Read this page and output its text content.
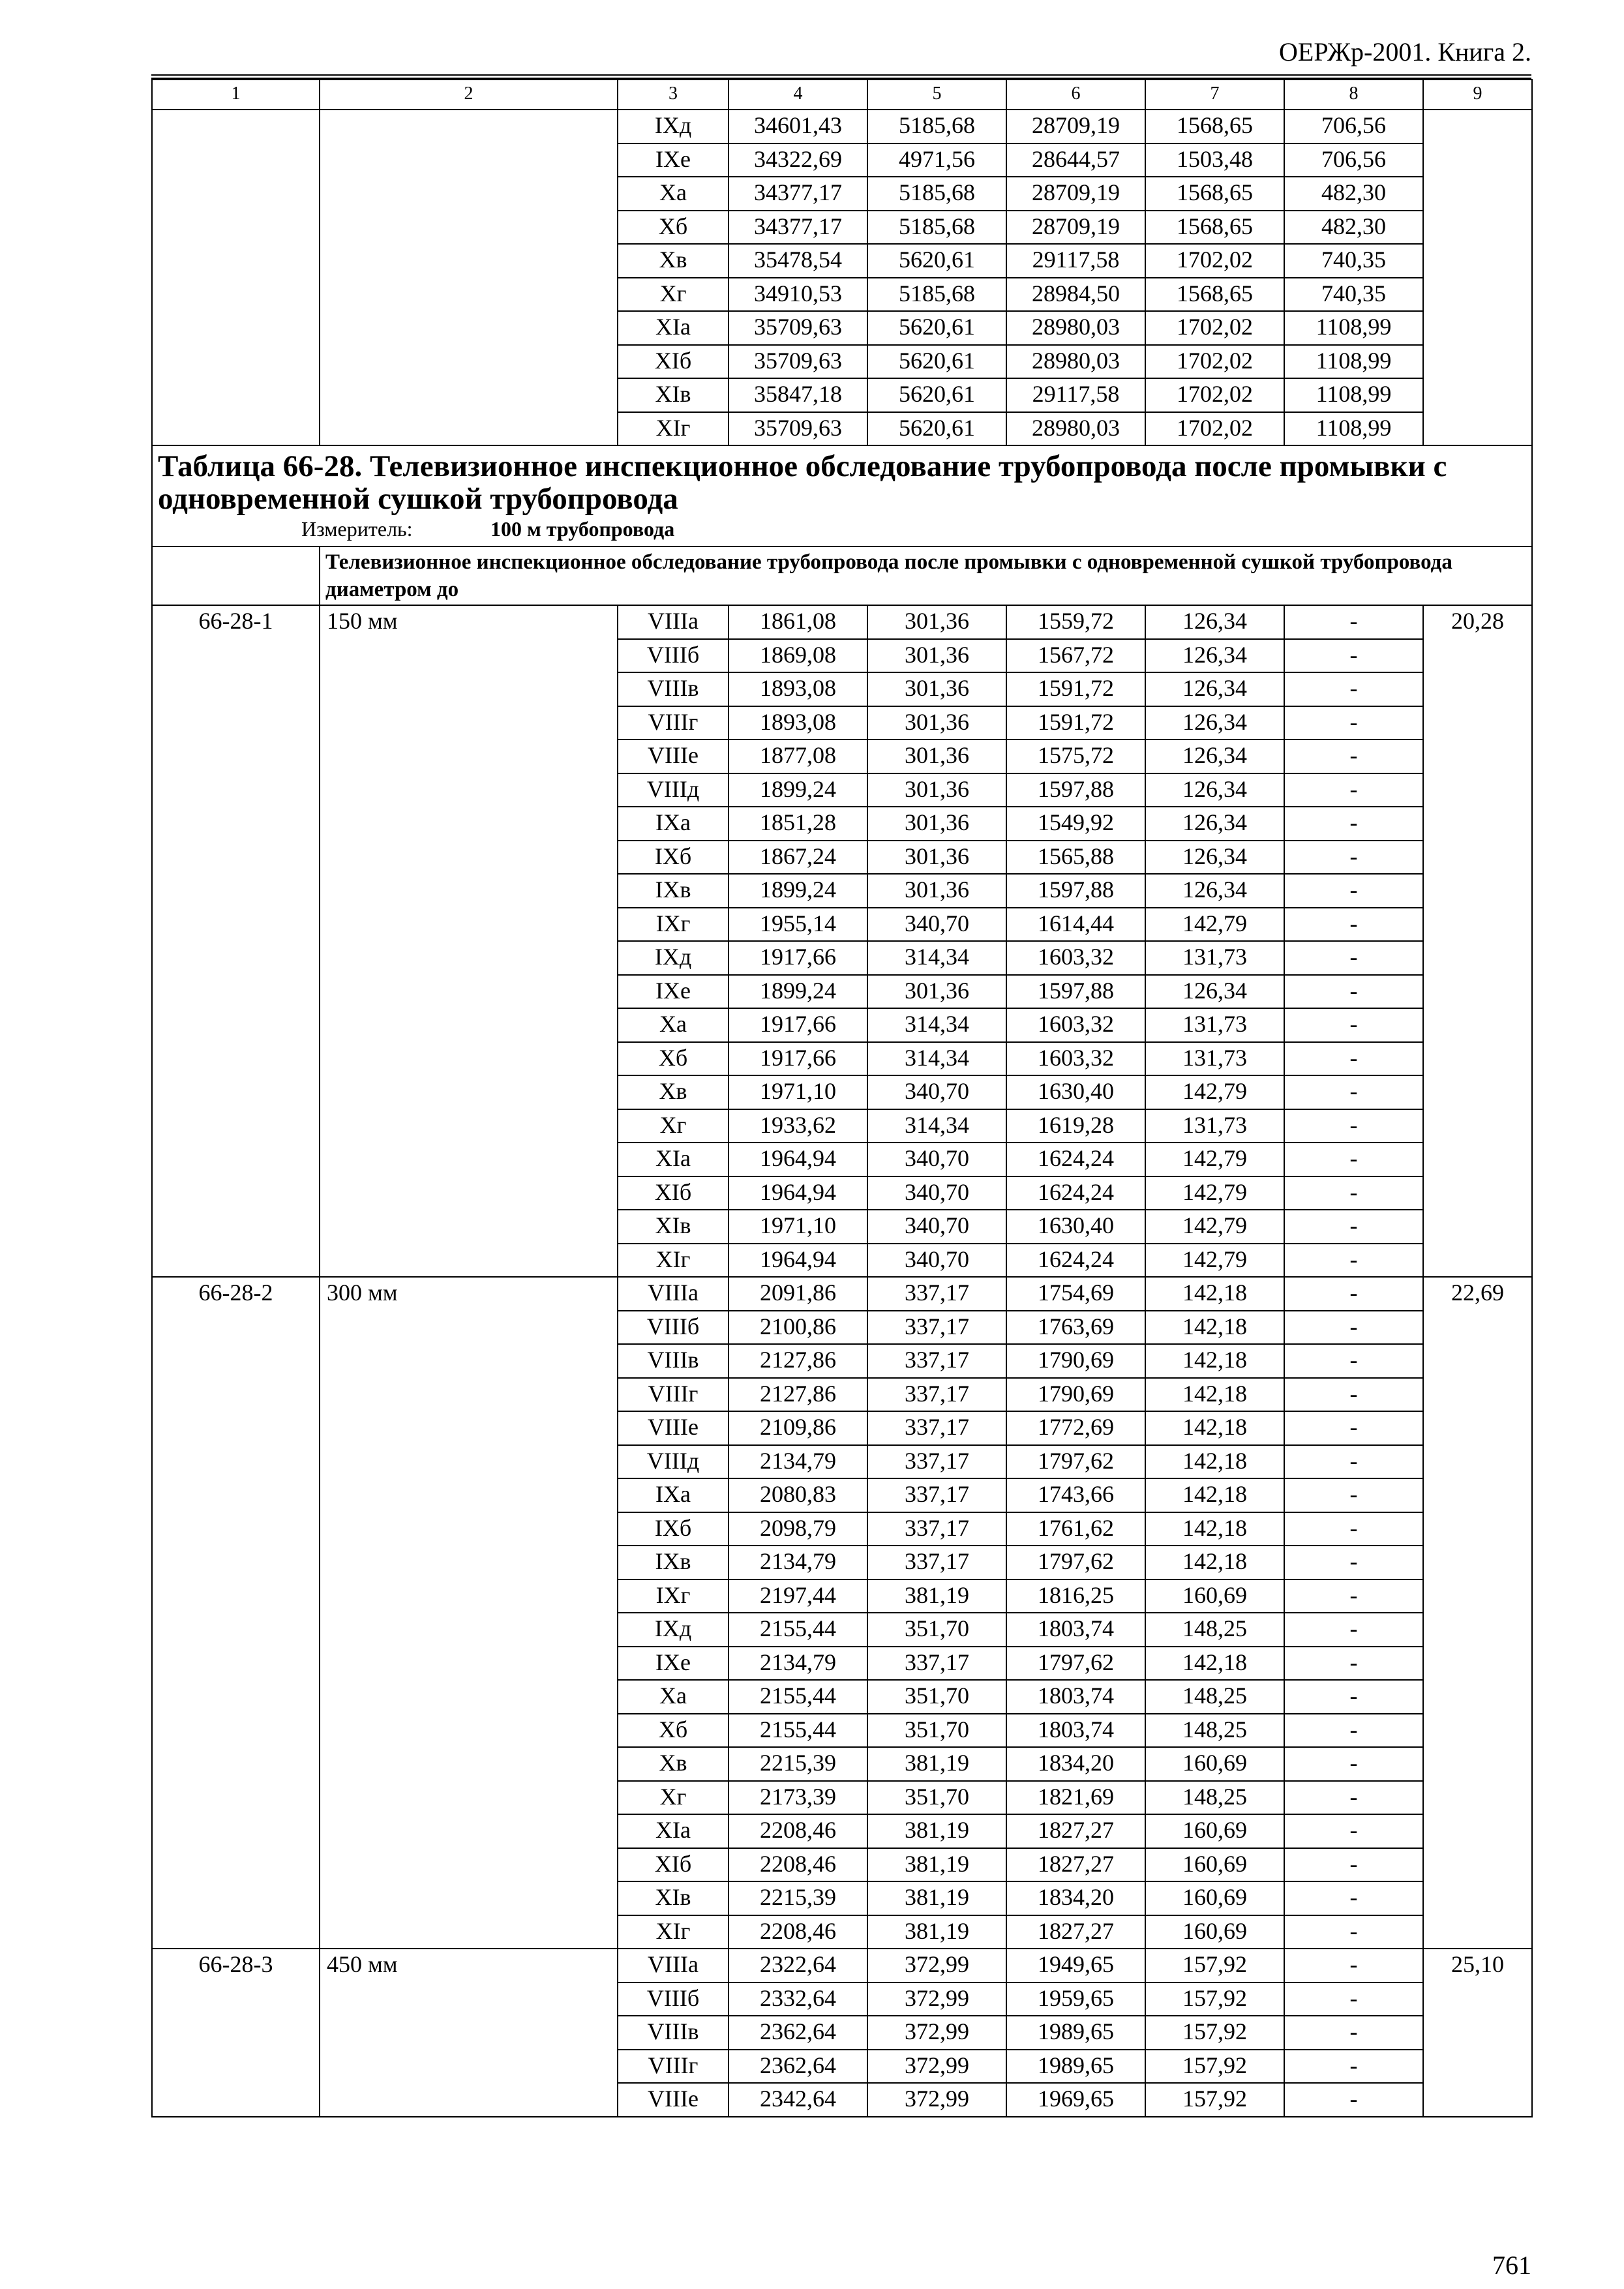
ОЕРЖр-2001. Книга 2.
1	2	3	4	5	6	7	8	9
		IXд	34601,43	5185,68	28709,19	1568,65	706,56	
		IXе	34322,69	4971,56	28644,57	1503,48	706,56	
		Xа	34377,17	5185,68	28709,19	1568,65	482,30	
		Xб	34377,17	5185,68	28709,19	1568,65	482,30	
		Xв	35478,54	5620,61	29117,58	1702,02	740,35	
		Xг	34910,53	5185,68	28984,50	1568,65	740,35	
		XIа	35709,63	5620,61	28980,03	1702,02	1108,99	
		XIб	35709,63	5620,61	28980,03	1702,02	1108,99	
		XIв	35847,18	5620,61	29117,58	1702,02	1108,99	
		XIг	35709,63	5620,61	28980,03	1702,02	1108,99	
Таблица 66-28. Телевизионное инспекционное обследование трубопровода после промывки с одновременной сушкой трубопровода								
Измеритель: 100 м трубопровода								
	Телевизионное инспекционное обследование трубопровода после промывки с одновременной сушкой трубопровода диаметром до							
66-28-1	150 мм	VIIIа	1861,08	301,36	1559,72	126,34	-	20,28
		VIIIб	1869,08	301,36	1567,72	126,34	-	
		VIIIв	1893,08	301,36	1591,72	126,34	-	
		VIIIг	1893,08	301,36	1591,72	126,34	-	
		VIIIе	1877,08	301,36	1575,72	126,34	-	
		VIIIд	1899,24	301,36	1597,88	126,34	-	
		IXа	1851,28	301,36	1549,92	126,34	-	
		IXб	1867,24	301,36	1565,88	126,34	-	
		IXв	1899,24	301,36	1597,88	126,34	-	
		IXг	1955,14	340,70	1614,44	142,79	-	
		IXд	1917,66	314,34	1603,32	131,73	-	
		IXе	1899,24	301,36	1597,88	126,34	-	
		Xа	1917,66	314,34	1603,32	131,73	-	
		Xб	1917,66	314,34	1603,32	131,73	-	
		Xв	1971,10	340,70	1630,40	142,79	-	
		Xг	1933,62	314,34	1619,28	131,73	-	
		XIа	1964,94	340,70	1624,24	142,79	-	
		XIб	1964,94	340,70	1624,24	142,79	-	
		XIв	1971,10	340,70	1630,40	142,79	-	
		XIг	1964,94	340,70	1624,24	142,79	-	
66-28-2	300 мм	VIIIа	2091,86	337,17	1754,69	142,18	-	22,69
		VIIIб	2100,86	337,17	1763,69	142,18	-	
		VIIIв	2127,86	337,17	1790,69	142,18	-	
		VIIIг	2127,86	337,17	1790,69	142,18	-	
		VIIIе	2109,86	337,17	1772,69	142,18	-	
		VIIIд	2134,79	337,17	1797,62	142,18	-	
		IXа	2080,83	337,17	1743,66	142,18	-	
		IXб	2098,79	337,17	1761,62	142,18	-	
		IXв	2134,79	337,17	1797,62	142,18	-	
		IXг	2197,44	381,19	1816,25	160,69	-	
		IXд	2155,44	351,70	1803,74	148,25	-	
		IXе	2134,79	337,17	1797,62	142,18	-	
		Xа	2155,44	351,70	1803,74	148,25	-	
		Xб	2155,44	351,70	1803,74	148,25	-	
		Xв	2215,39	381,19	1834,20	160,69	-	
		Xг	2173,39	351,70	1821,69	148,25	-	
		XIа	2208,46	381,19	1827,27	160,69	-	
		XIб	2208,46	381,19	1827,27	160,69	-	
		XIв	2215,39	381,19	1834,20	160,69	-	
		XIг	2208,46	381,19	1827,27	160,69	-	
66-28-3	450 мм	VIIIа	2322,64	372,99	1949,65	157,92	-	25,10
		VIIIб	2332,64	372,99	1959,65	157,92	-	
		VIIIв	2362,64	372,99	1989,65	157,92	-	
		VIIIг	2362,64	372,99	1989,65	157,92	-	
		VIIIе	2342,64	372,99	1969,65	157,92	-	
761
